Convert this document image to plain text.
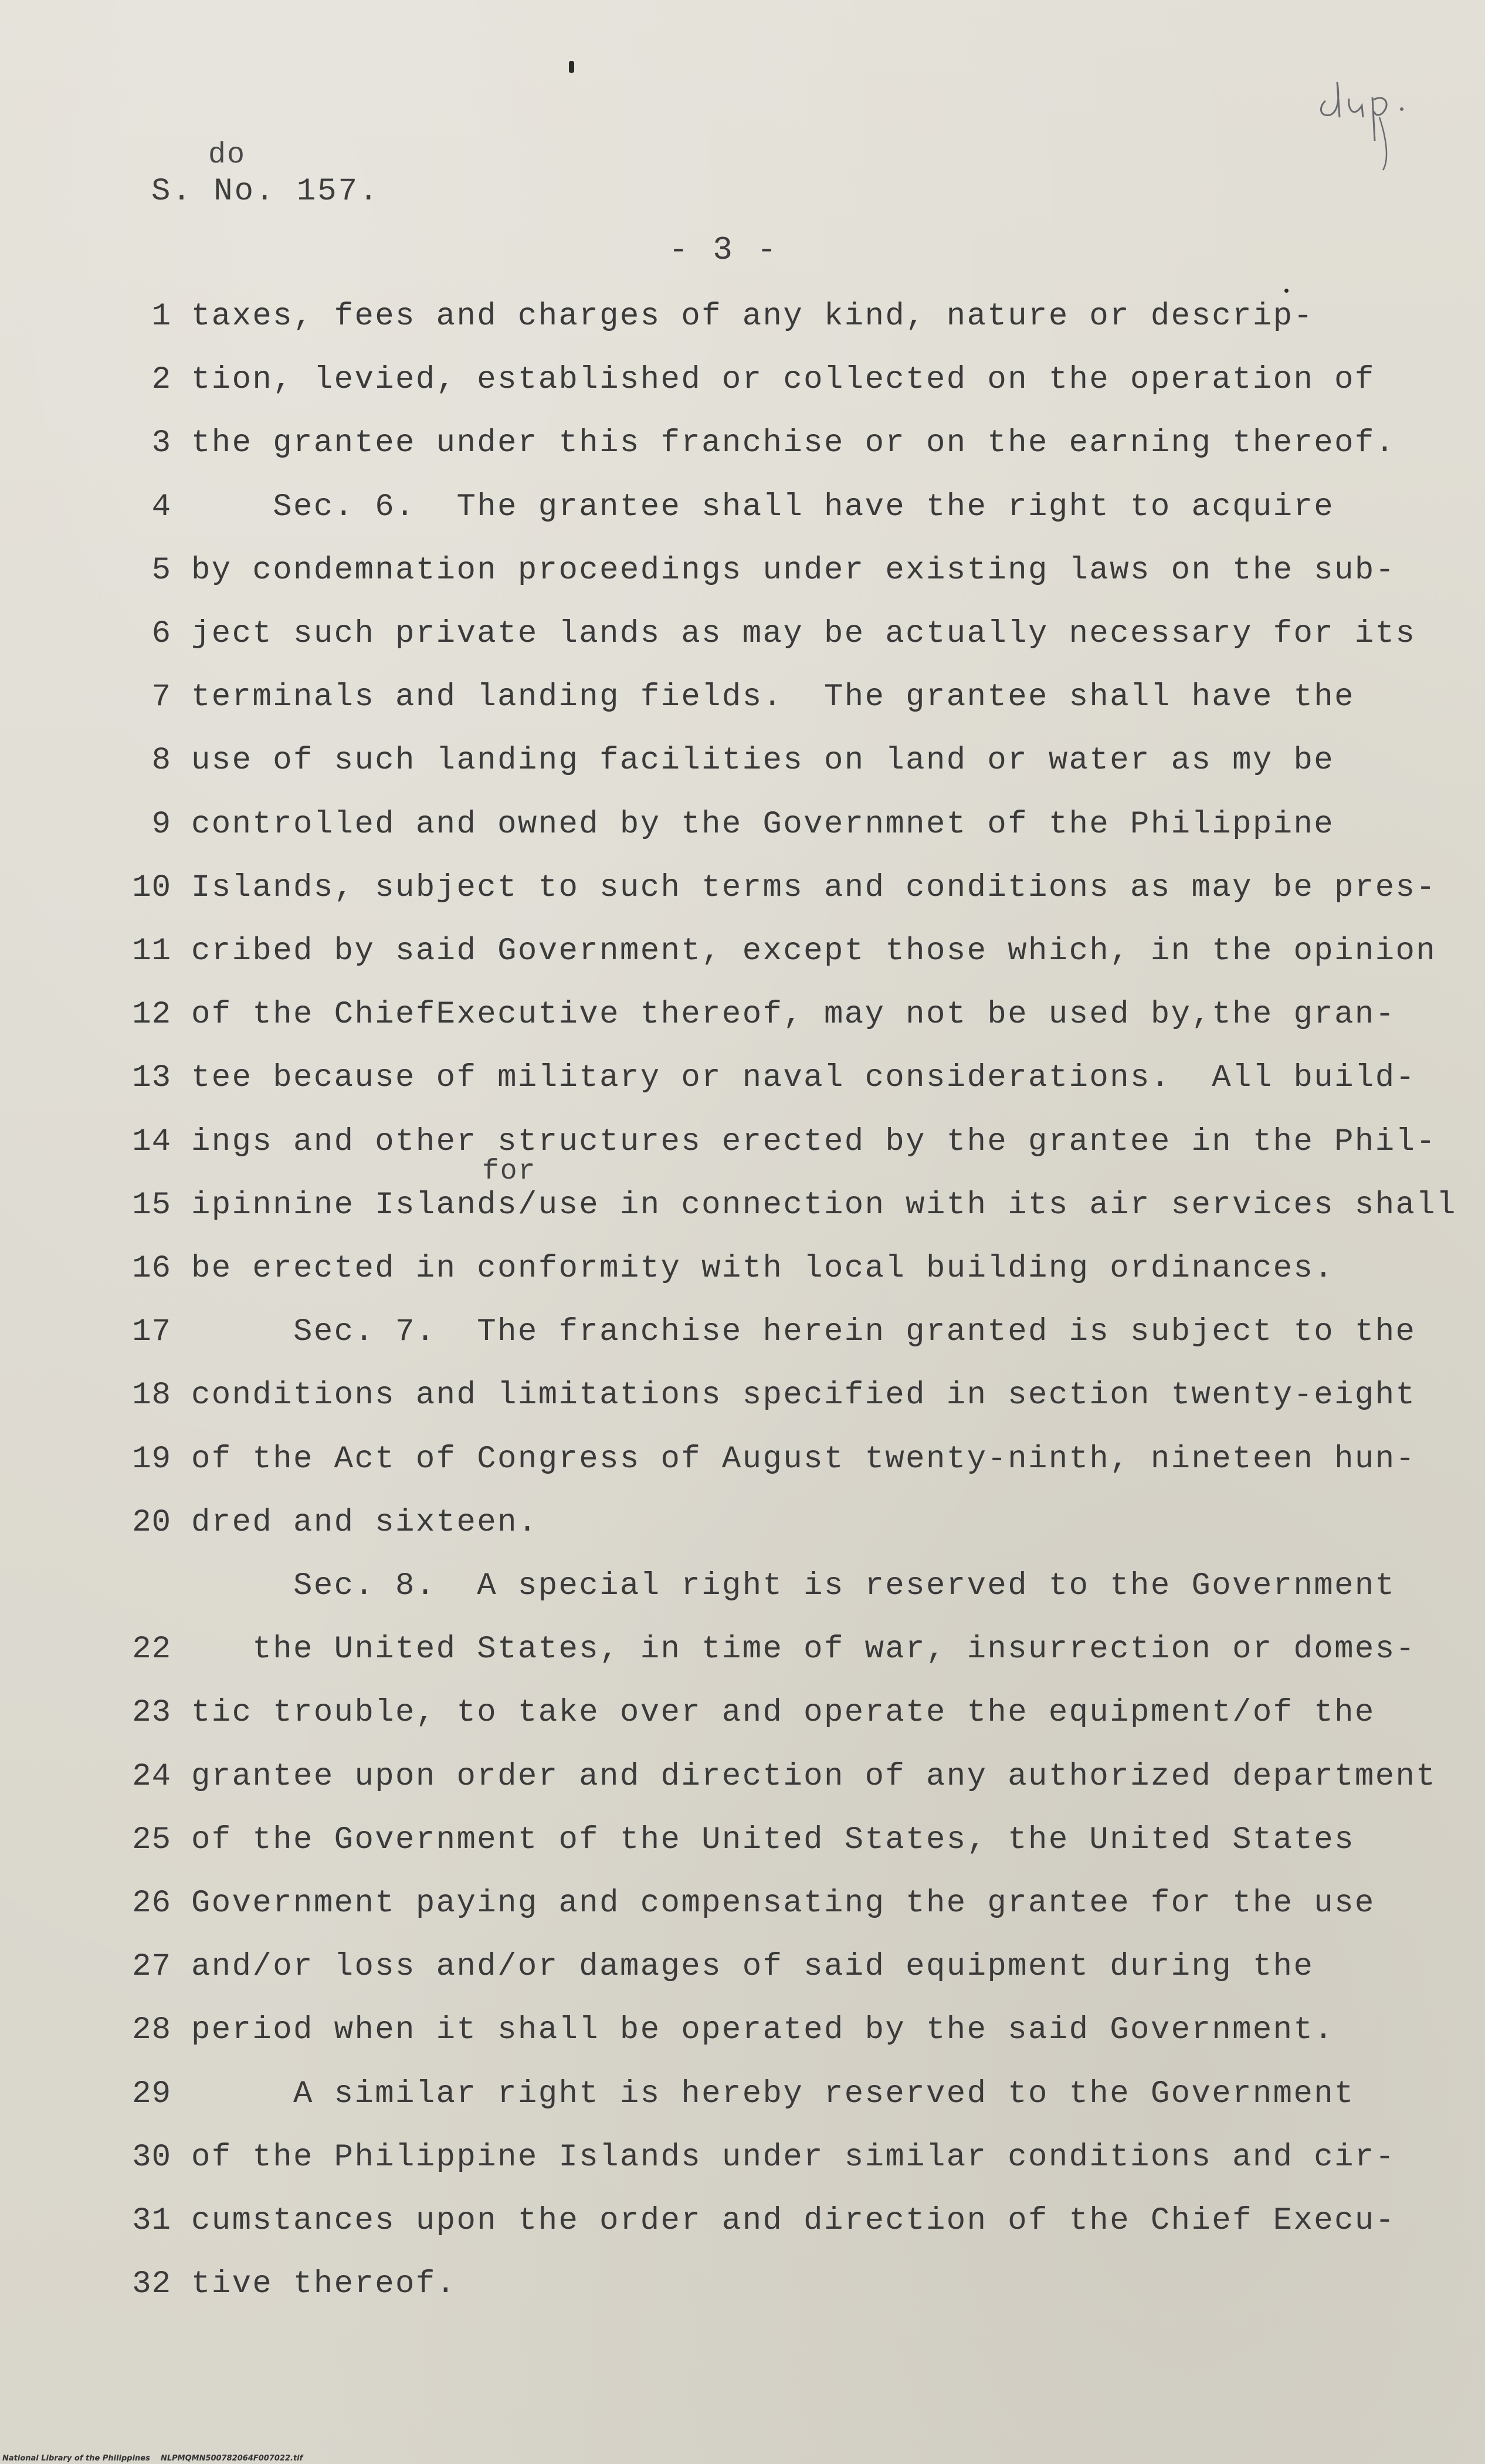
do
S. No. 157.
- 3 -
for
1 taxes, fees and charges of any kind, nature or descrip-
2 tion, levied, established or collected on the operation of
3 the grantee under this franchise or on the earning thereof.
4 Sec. 6.  The grantee shall have the right to acquire
5 by condemnation proceedings under existing laws on the sub-
6 ject such private lands as may be actually necessary for its
7 terminals and landing fields.  The grantee shall have the
8 use of such landing facilities on land or water as my be
9 controlled and owned by the Governmnet of the Philippine
10 Islands, subject to such terms and conditions as may be pres-
11 cribed by said Government, except those which, in the opinion
12 of the ChiefExecutive thereof, may not be used by,the gran-
13 tee because of military or naval considerations.  All build-
14 ings and other structures erected by the grantee in the Phil-
15 ipinnine Islands/use in connection with its air services shall
16 be erected in conformity with local building ordinances.
17 Sec. 7.  The franchise herein granted is subject to the
18 conditions and limitations specified in section twenty-eight
19 of the Act of Congress of August twenty-ninth, nineteen hun-
20 dred and sixteen.
Sec. 8.  A special right is reserved to the Government
22 the United States, in time of war, insurrection or domes-
23 tic trouble, to take over and operate the equipment/of the
24 grantee upon order and direction of any authorized department
25 of the Government of the United States, the United States
26 Government paying and compensating the grantee for the use
27 and/or loss and/or damages of said equipment during the
28 period when it shall be operated by the said Government.
29 A similar right is hereby reserved to the Government
30 of the Philippine Islands under similar conditions and cir-
31 cumstances upon the order and direction of the Chief Execu-
32 tive thereof.
National Library of the Philippines NLPMQMN500782064F007022.tif
